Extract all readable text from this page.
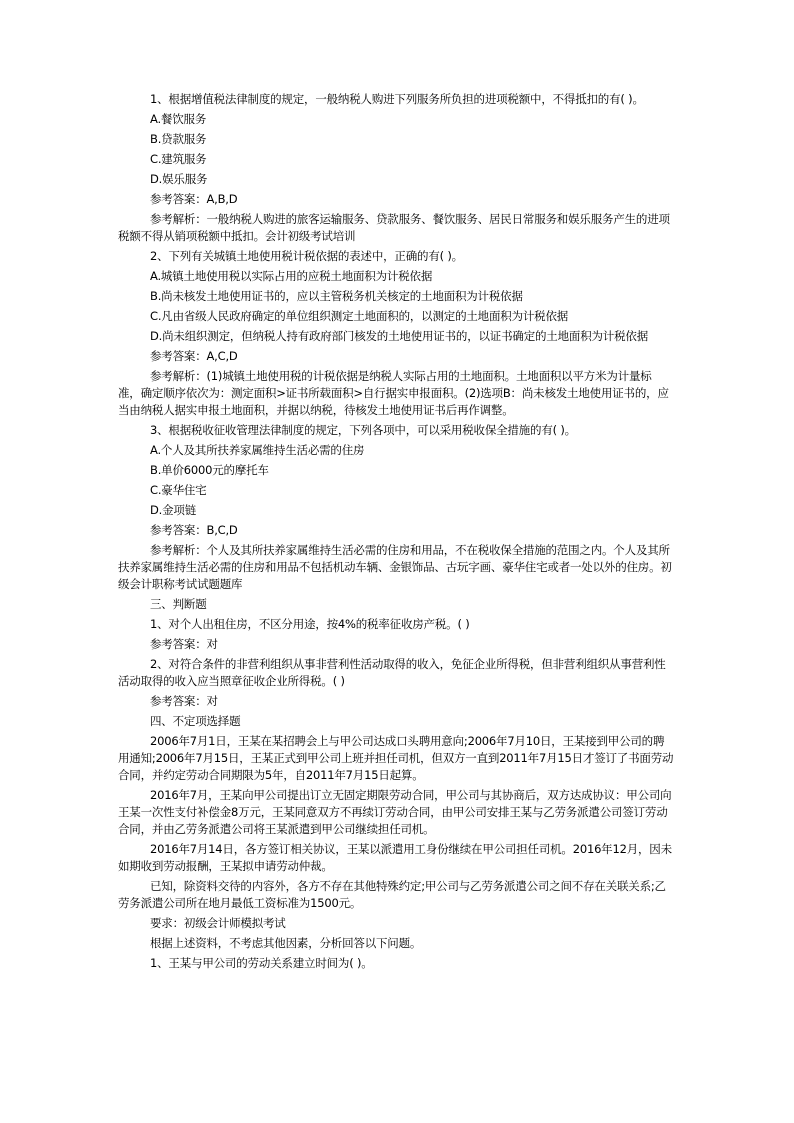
1、根据增值税法律制度的规定，一般纳税人购进下列服务所负担的进项税额中，不得抵扣的有( )。

A.餐饮服务

B.贷款服务

C.建筑服务

D.娱乐服务

参考答案：A,B,D

参考解析：一般纳税人购进的旅客运输服务、贷款服务、餐饮服务、居民日常服务和娱乐服务产生的进项税额不得从销项税额中抵扣。会计初级考试培训

2、下列有关城镇土地使用税计税依据的表述中，正确的有( )。

A.城镇土地使用税以实际占用的应税土地面积为计税依据

B.尚未核发土地使用证书的，应以主管税务机关核定的土地面积为计税依据

C.凡由省级人民政府确定的单位组织测定土地面积的，以测定的土地面积为计税依据

D.尚未组织测定，但纳税人持有政府部门核发的土地使用证书的，以证书确定的土地面积为计税依据

参考答案：A,C,D

参考解析：(1)城镇土地使用税的计税依据是纳税人实际占用的土地面积。土地面积以平方米为计量标准，确定顺序依次为：测定面积>证书所载面积>自行据实申报面积。(2)选项B：尚未核发土地使用证书的，应当由纳税人据实申报土地面积，并据以纳税，待核发土地使用证书后再作调整。

3、根据税收征收管理法律制度的规定，下列各项中，可以采用税收保全措施的有( )。

A.个人及其所扶养家属维持生活必需的住房

B.单价6000元的摩托车

C.豪华住宅

D.金项链

参考答案：B,C,D

参考解析：个人及其所扶养家属维持生活必需的住房和用品，不在税收保全措施的范围之内。个人及其所扶养家属维持生活必需的住房和用品不包括机动车辆、金银饰品、古玩字画、豪华住宅或者一处以外的住房。初级会计职称考试试题题库

三、判断题

1、对个人出租住房，不区分用途，按4%的税率征收房产税。( )

参考答案：对

2、对符合条件的非营利组织从事非营利性活动取得的收入，免征企业所得税，但非营利组织从事营利性活动取得的收入应当照章征收企业所得税。( )

参考答案：对

四、不定项选择题

2006年7月1日，王某在某招聘会上与甲公司达成口头聘用意向;2006年7月10日，王某接到甲公司的聘用通知;2006年7月15日，王某正式到甲公司上班并担任司机，但双方一直到2011年7月15日才签订了书面劳动合同，并约定劳动合同期限为5年，自2011年7月15日起算。

2016年7月，王某向甲公司提出订立无固定期限劳动合同，甲公司与其协商后，双方达成协议：甲公司向王某一次性支付补偿金8万元，王某同意双方不再续订劳动合同，由甲公司安排王某与乙劳务派遣公司签订劳动合同，并由乙劳务派遣公司将王某派遣到甲公司继续担任司机。

2016年7月14日，各方签订相关协议，王某以派遣用工身份继续在甲公司担任司机。2016年12月，因未如期收到劳动报酬，王某拟申请劳动仲裁。

已知，除资料交待的内容外，各方不存在其他特殊约定;甲公司与乙劳务派遣公司之间不存在关联关系;乙劳务派遣公司所在地月最低工资标准为1500元。

要求：初级会计师模拟考试

根据上述资料，不考虑其他因素，分析回答以下问题。

1、王某与甲公司的劳动关系建立时间为( )。
